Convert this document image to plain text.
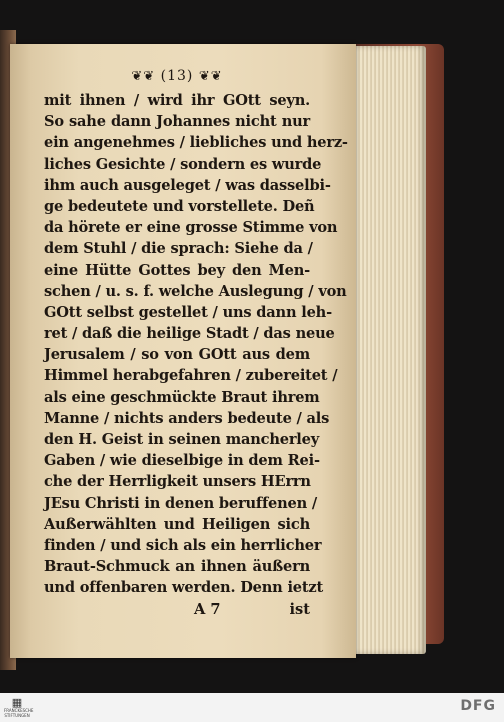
❦❦ (13) ❦❦
mit ihnen / wird ihr GOtt seyn.
So sahe dann Johannes nicht nur
ein angenehmes / liebliches und herz-
liches Gesichte / sondern es wurde
ihm auch ausgeleget / was dasselbi-
ge bedeutete und vorstellete. Deñ
da hörete er eine grosse Stimme von
dem Stuhl / die sprach: Siehe da /
eine Hütte Gottes bey den Men-
schen / u. s. f. welche Auslegung / von
GOtt selbst gestellet / uns dann leh-
ret / daß die heilige Stadt / das neue
Jerusalem / so von GOtt aus dem
Himmel herabgefahren / zubereitet /
als eine geschmückte Braut ihrem
Manne / nichts anders bedeute / als
den H. Geist in seinen mancherley
Gaben / wie dieselbige in dem Rei-
che der Herrligkeit unsers HErrn
JEsu Christi in denen beruffenen /
Außerwählten und Heiligen sich
finden / und sich als ein herrlicher
Braut-Schmuck an ihnen äußern
und offenbaren werden. Denn ietzt
A 7	ist
▦
FRANCKESCHE STIFTUNGEN
DFG
